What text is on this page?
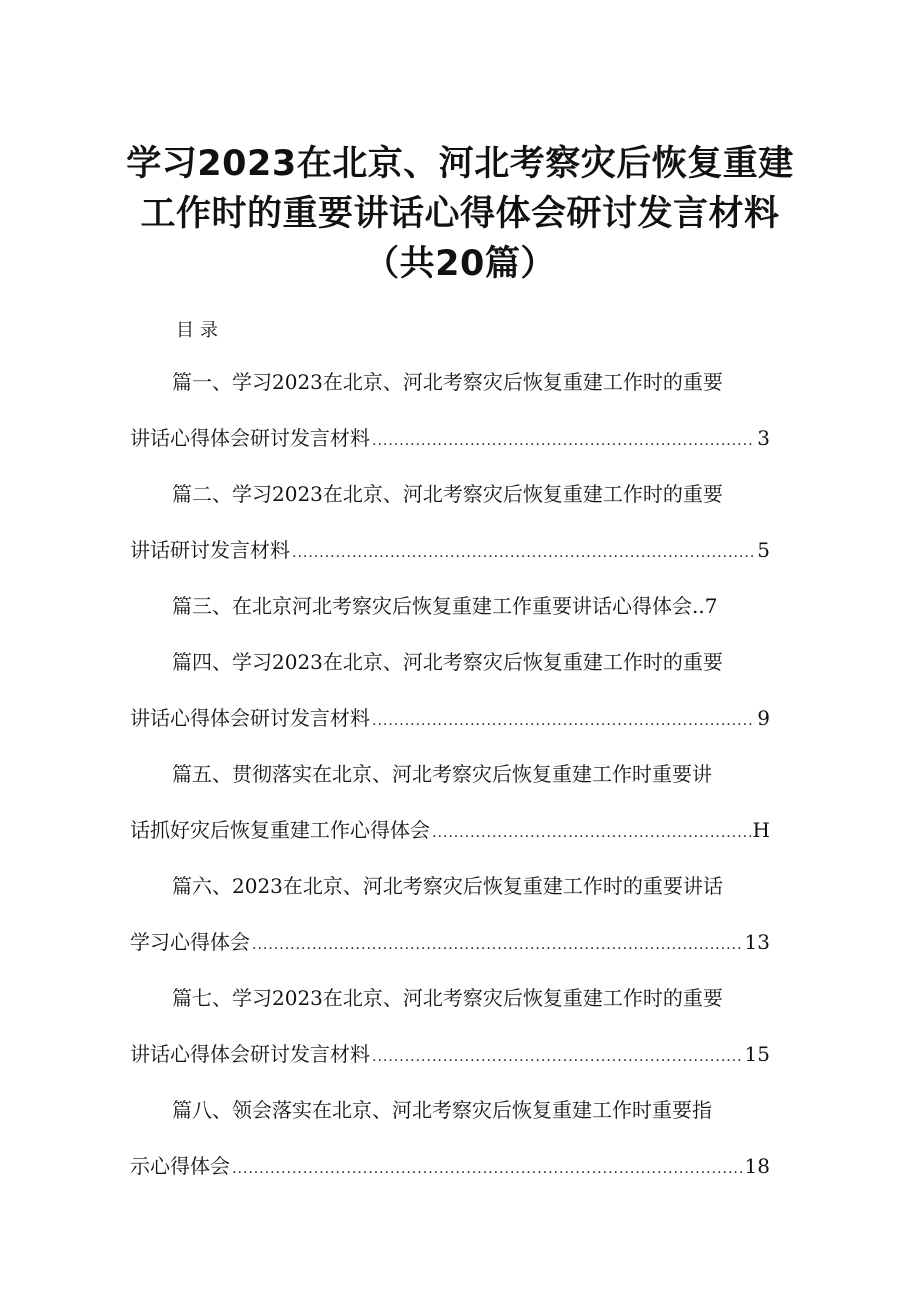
学习2023在北京、河北考察灾后恢复重建
工作时的重要讲话心得体会研讨发言材料
（共20篇）
目录
篇一、学习2023在北京、河北考察灾后恢复重建工作时的重要
讲话心得体会研讨发言材料 .....	3
篇二、学习2023在北京、河北考察灾后恢复重建工作时的重要
讲话研讨发言材料 .....	5
篇三、在北京河北考察灾后恢复重建工作重要讲话心得体会..7
篇四、学习2023在北京、河北考察灾后恢复重建工作时的重要
讲话心得体会研讨发言材料 .....	9
篇五、贯彻落实在北京、河北考察灾后恢复重建工作时重要讲
话抓好灾后恢复重建工作心得体会 .....	H
篇六、2023在北京、河北考察灾后恢复重建工作时的重要讲话
学习心得体会 .....	13
篇七、学习2023在北京、河北考察灾后恢复重建工作时的重要
讲话心得体会研讨发言材料 .....	15
篇八、领会落实在北京、河北考察灾后恢复重建工作时重要指
示心得体会 .....	18
